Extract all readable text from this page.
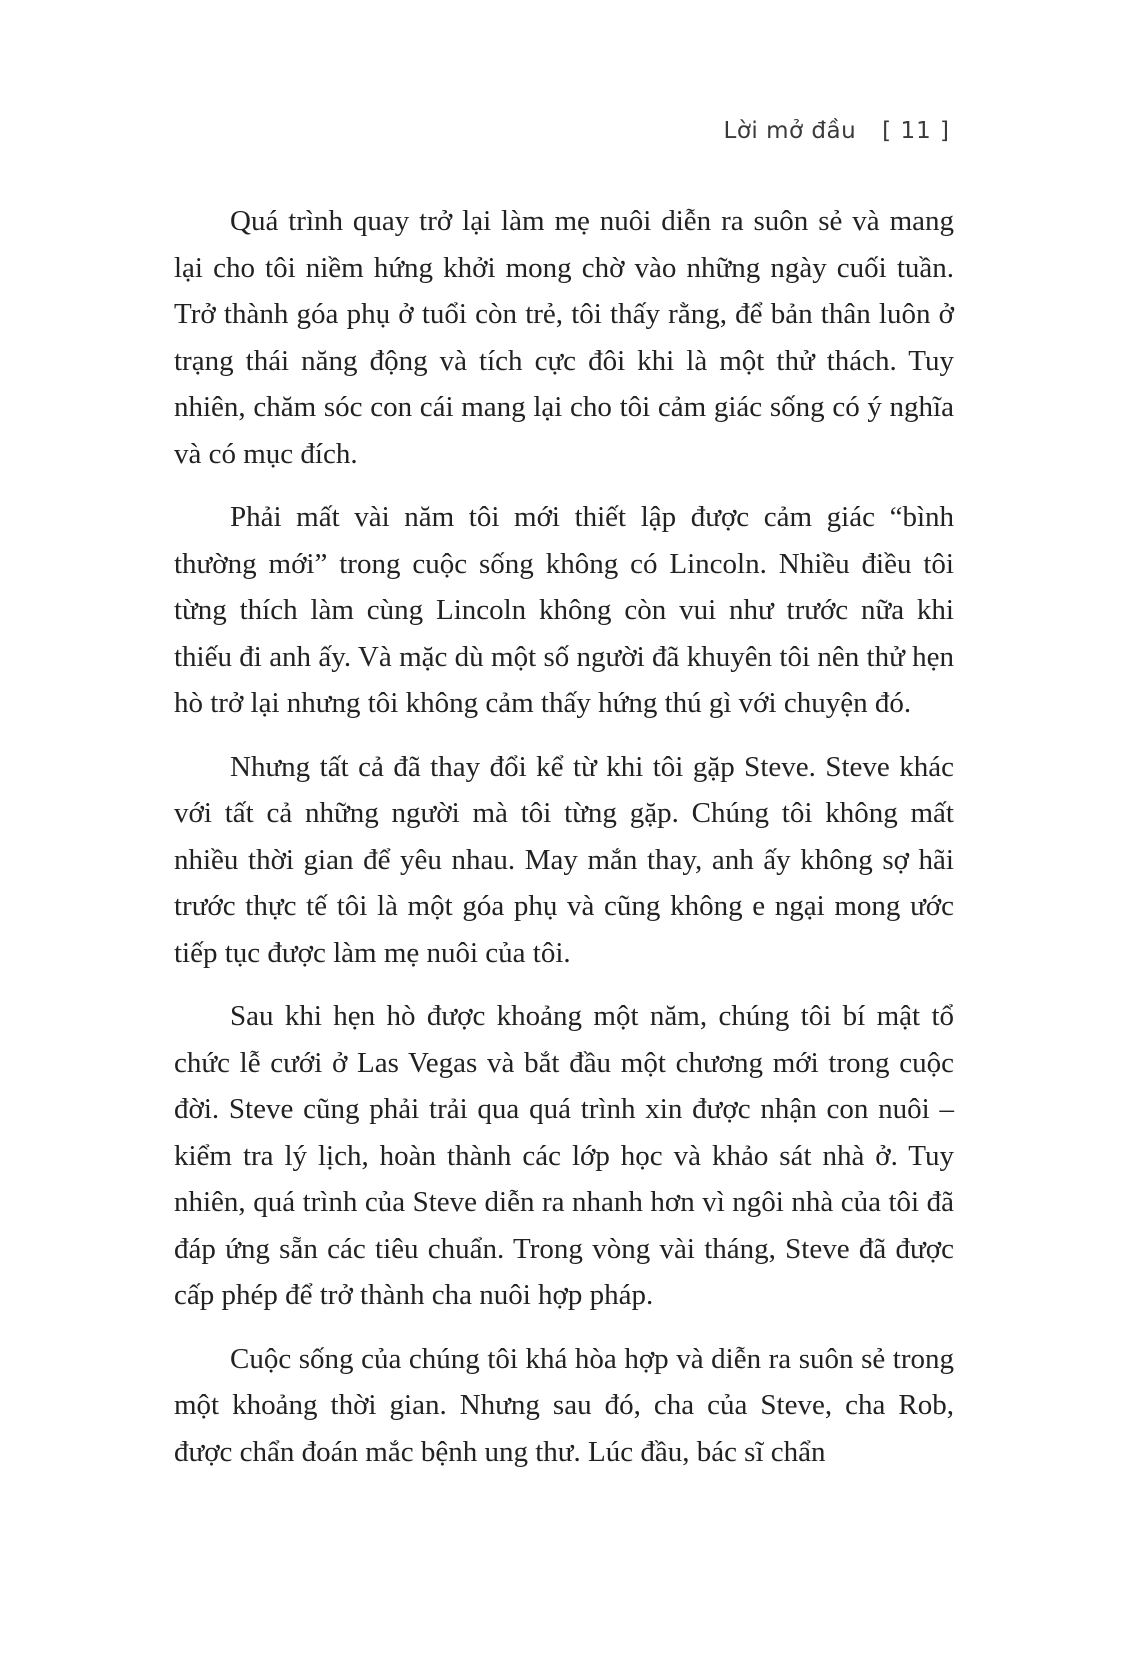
Lời mở đầu [ 11 ]

Quá trình quay trở lại làm mẹ nuôi diễn ra suôn sẻ và mang lại cho tôi niềm hứng khởi mong chờ vào những ngày cuối tuần. Trở thành góa phụ ở tuổi còn trẻ, tôi thấy rằng, để bản thân luôn ở trạng thái năng động và tích cực đôi khi là một thử thách. Tuy nhiên, chăm sóc con cái mang lại cho tôi cảm giác sống có ý nghĩa và có mục đích.

Phải mất vài năm tôi mới thiết lập được cảm giác “bình thường mới” trong cuộc sống không có Lincoln. Nhiều điều tôi từng thích làm cùng Lincoln không còn vui như trước nữa khi thiếu đi anh ấy. Và mặc dù một số người đã khuyên tôi nên thử hẹn hò trở lại nhưng tôi không cảm thấy hứng thú gì với chuyện đó.

Nhưng tất cả đã thay đổi kể từ khi tôi gặp Steve. Steve khác với tất cả những người mà tôi từng gặp. Chúng tôi không mất nhiều thời gian để yêu nhau. May mắn thay, anh ấy không sợ hãi trước thực tế tôi là một góa phụ và cũng không e ngại mong ước tiếp tục được làm mẹ nuôi của tôi.

Sau khi hẹn hò được khoảng một năm, chúng tôi bí mật tổ chức lễ cưới ở Las Vegas và bắt đầu một chương mới trong cuộc đời. Steve cũng phải trải qua quá trình xin được nhận con nuôi – kiểm tra lý lịch, hoàn thành các lớp học và khảo sát nhà ở. Tuy nhiên, quá trình của Steve diễn ra nhanh hơn vì ngôi nhà của tôi đã đáp ứng sẵn các tiêu chuẩn. Trong vòng vài tháng, Steve đã được cấp phép để trở thành cha nuôi hợp pháp.

Cuộc sống của chúng tôi khá hòa hợp và diễn ra suôn sẻ trong một khoảng thời gian. Nhưng sau đó, cha của Steve, cha Rob, được chẩn đoán mắc bệnh ung thư. Lúc đầu, bác sĩ chẩn
